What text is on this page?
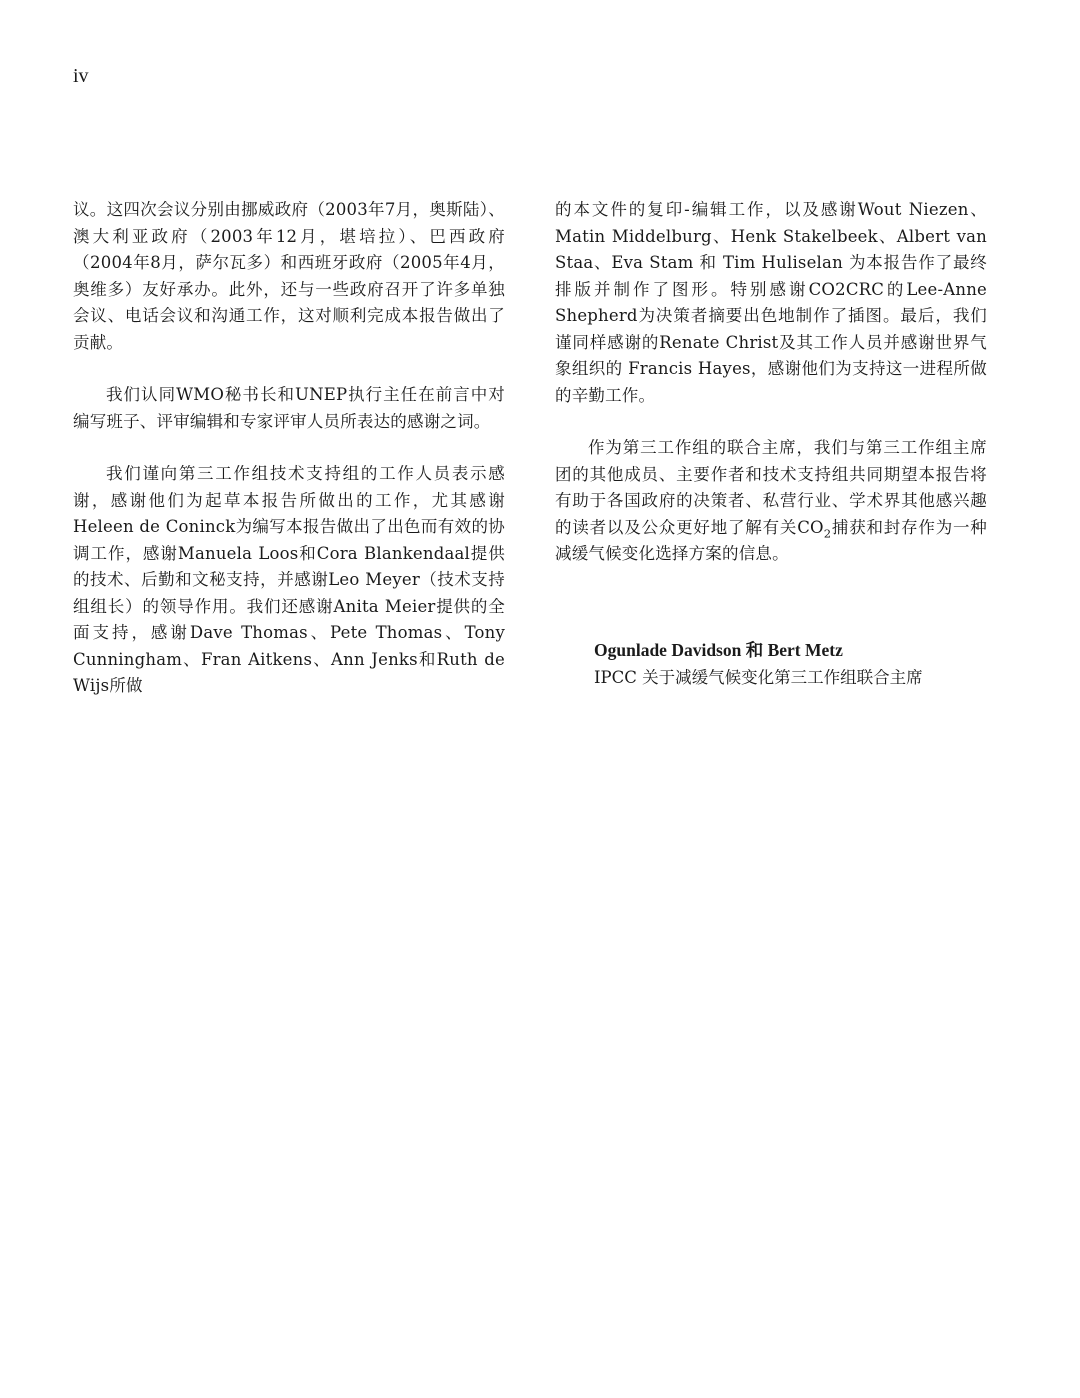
iv

议。这四次会议分别由挪威政府（2003年7月，奥斯陆）、澳大利亚政府（2003年12月，堪培拉）、巴西政府（2004年8月，萨尔瓦多）和西班牙政府（2005年4月，奥维多）友好承办。此外，还与一些政府召开了许多单独会议、电话会议和沟通工作，这对顺利完成本报告做出了贡献。

我们认同WMO秘书长和UNEP执行主任在前言中对编写班子、评审编辑和专家评审人员所表达的感谢之词。

我们谨向第三工作组技术支持组的工作人员表示感谢，感谢他们为起草本报告所做出的工作，尤其感谢Heleen de Coninck为编写本报告做出了出色而有效的协调工作，感谢Manuela Loos和Cora Blankendaal提供的技术、后勤和文秘支持，并感谢Leo Meyer（技术支持组组长）的领导作用。我们还感谢Anita Meier提供的全面支持，感谢Dave Thomas、Pete Thomas、Tony Cunningham、Fran Aitkens、Ann Jenks和Ruth de Wijs所做

的本文件的复印-编辑工作，以及感谢Wout Niezen、Matin Middelburg、Henk Stakelbeek、Albert van Staa、Eva Stam 和 Tim Huliselan 为本报告作了最终排版并制作了图形。特别感谢CO2CRC的Lee-Anne Shepherd为决策者摘要出色地制作了插图。最后，我们谨同样感谢的Renate Christ及其工作人员并感谢世界气象组织的 Francis Hayes，感谢他们为支持这一进程所做的辛勤工作。

作为第三工作组的联合主席，我们与第三工作组主席团的其他成员、主要作者和技术支持组共同期望本报告将有助于各国政府的决策者、私营行业、学术界其他感兴趣的读者以及公众更好地了解有关$CO_2$捕获和封存作为一种减缓气候变化选择方案的信息。

Ogunlade Davidson 和 Bert Metz
IPCC 关于减缓气候变化第三工作组联合主席
